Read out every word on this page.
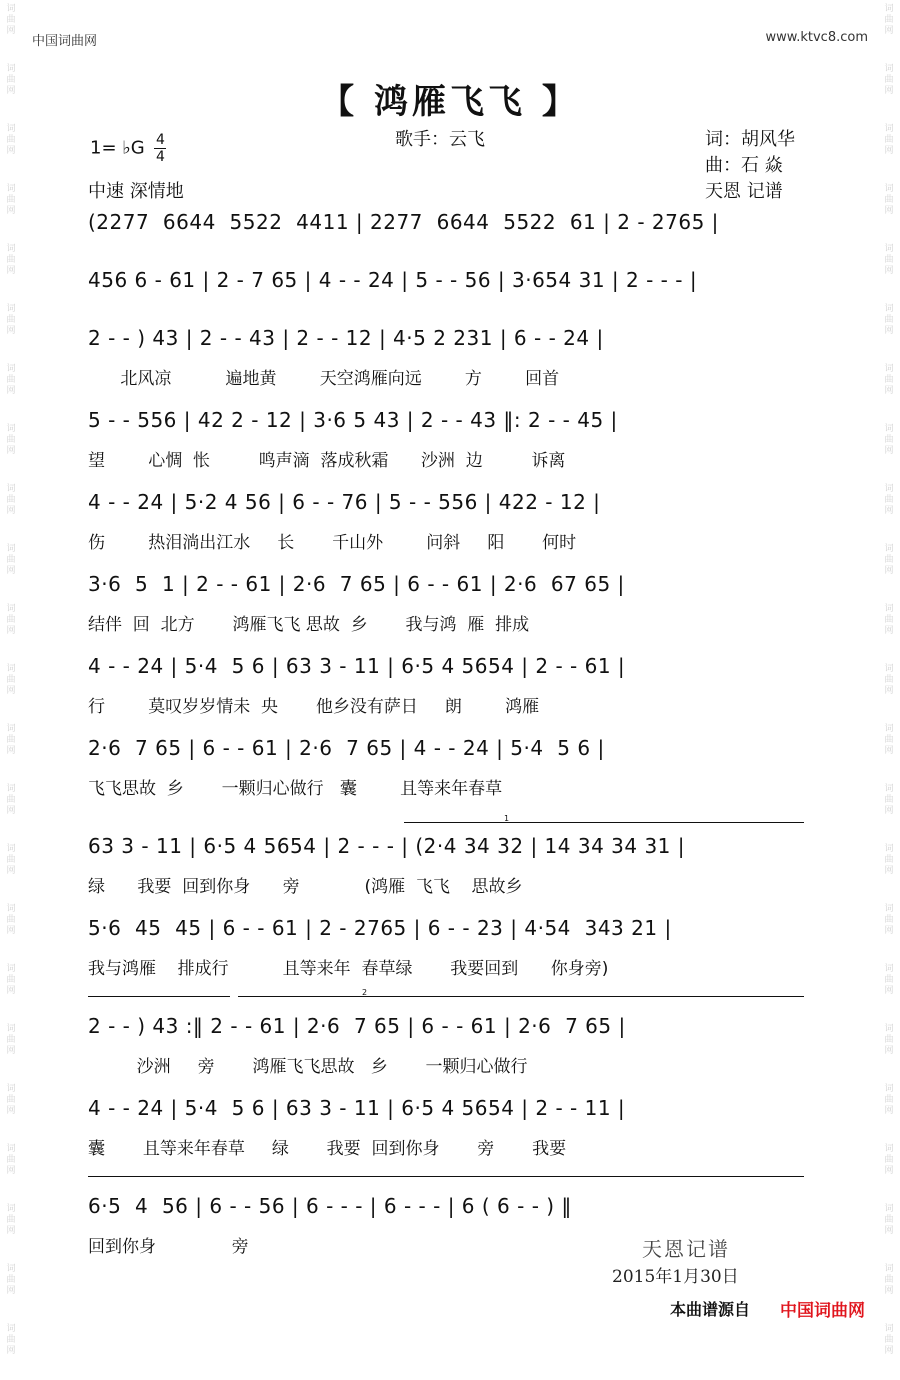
词
曲
网
词
曲
网
词
曲
网
词
曲
网
词
曲
网
词
曲
网
词
曲
网
词
曲
网
词
曲
网
词
曲
网
词
曲
网
词
曲
网
词
曲
网
词
曲
网
词
曲
网
词
曲
网
词
曲
网
词
曲
网
词
曲
网
词
曲
网
词
曲
网
词
曲
网
词
曲
网
词
曲
网
词
曲
网
词
曲
网
词
曲
网
词
曲
网
词
曲
网
词
曲
网
词
曲
网
词
曲
网
词
曲
网
词
曲
网
词
曲
网
词
曲
网
词
曲
网
词
曲
网
词
曲
网
词
曲
网
词
曲
网
词
曲
网
词
曲
网
词
曲
网
词
曲
网
词
曲
网
中国词曲网	www.ktvc8.com
【 鸿雁飞飞 】
歌手：云飞	词：胡风华
曲：石 焱
天恩 记谱
1= ♭G $\frac{4}{4}$
中速 深情地
(2277  6644  5522  4411 | 2277  6644  5522  61 | 2 - 2765 |
456 6 - 61 | 2 - 7 65 | 4 - - 24 | 5 - - 56 | 3·654 31 | 2 - - - |
2 - - ) 43 | 2 - - 43 | 2 - - 12 | 4·5 2 231 | 6 - - 24 |
北风凉          遍地黄        天空鸿雁向远        方        回首
5 - - 556 | 42 2 - 12 | 3·6 5 43 | 2 - - 43 ‖: 2 - - 45 |
望        心惆  怅         鸣声滴  落成秋霜      沙洲  边         诉离
4 - - 24 | 5·2 4 56 | 6 - - 76 | 5 - - 556 | 422 - 12 |
伤        热泪淌出江水     长       千山外        问斜     阳       何时
3·6  5  1 | 2 - - 61 | 2·6  7 65 | 6 - - 61 | 2·6  67 65 |
结伴  回  北方       鸿雁飞飞 思故  乡       我与鸿  雁  排成
4 - - 24 | 5·4  5 6 | 63 3 - 11 | 6·5 4 5654 | 2 - - 61 |
行        莫叹岁岁情未  央       他乡没有萨日     朗        鸿雁
2·6  7 65 | 6 - - 61 | 2·6  7 65 | 4 - - 24 | 5·4  5 6 |
飞飞思故  乡       一颗归心做行   囊        且等来年春草
63 3 - 11 | 6·5 4 5654 | 2 - - - | (2·4 34 32 | 14 34 34 31 |
绿      我要  回到你身      旁            (鸿雁  飞飞    思故乡
5·6  45  45 | 6 - - 61 | 2 - 2765 | 6 - - 23 | 4·54  343 21 |
我与鸿雁    排成行          且等来年  春草绿       我要回到      你身旁)
2 - - ) 43 :‖ 2 - - 61 | 2·6  7 65 | 6 - - 61 | 2·6  7 65 |
沙洲     旁       鸿雁飞飞思故   乡       一颗归心做行
4 - - 24 | 5·4  5 6 | 63 3 - 11 | 6·5 4 5654 | 2 - - 11 |
囊       且等来年春草     绿       我要  回到你身       旁       我要
6·5  4  56 | 6 - - 56 | 6 - - - | 6 - - - | 6 ( 6 - - ) ‖
回到你身              旁
1
2
天恩记谱
2015年1月30日
本曲谱源自 中国词曲网
